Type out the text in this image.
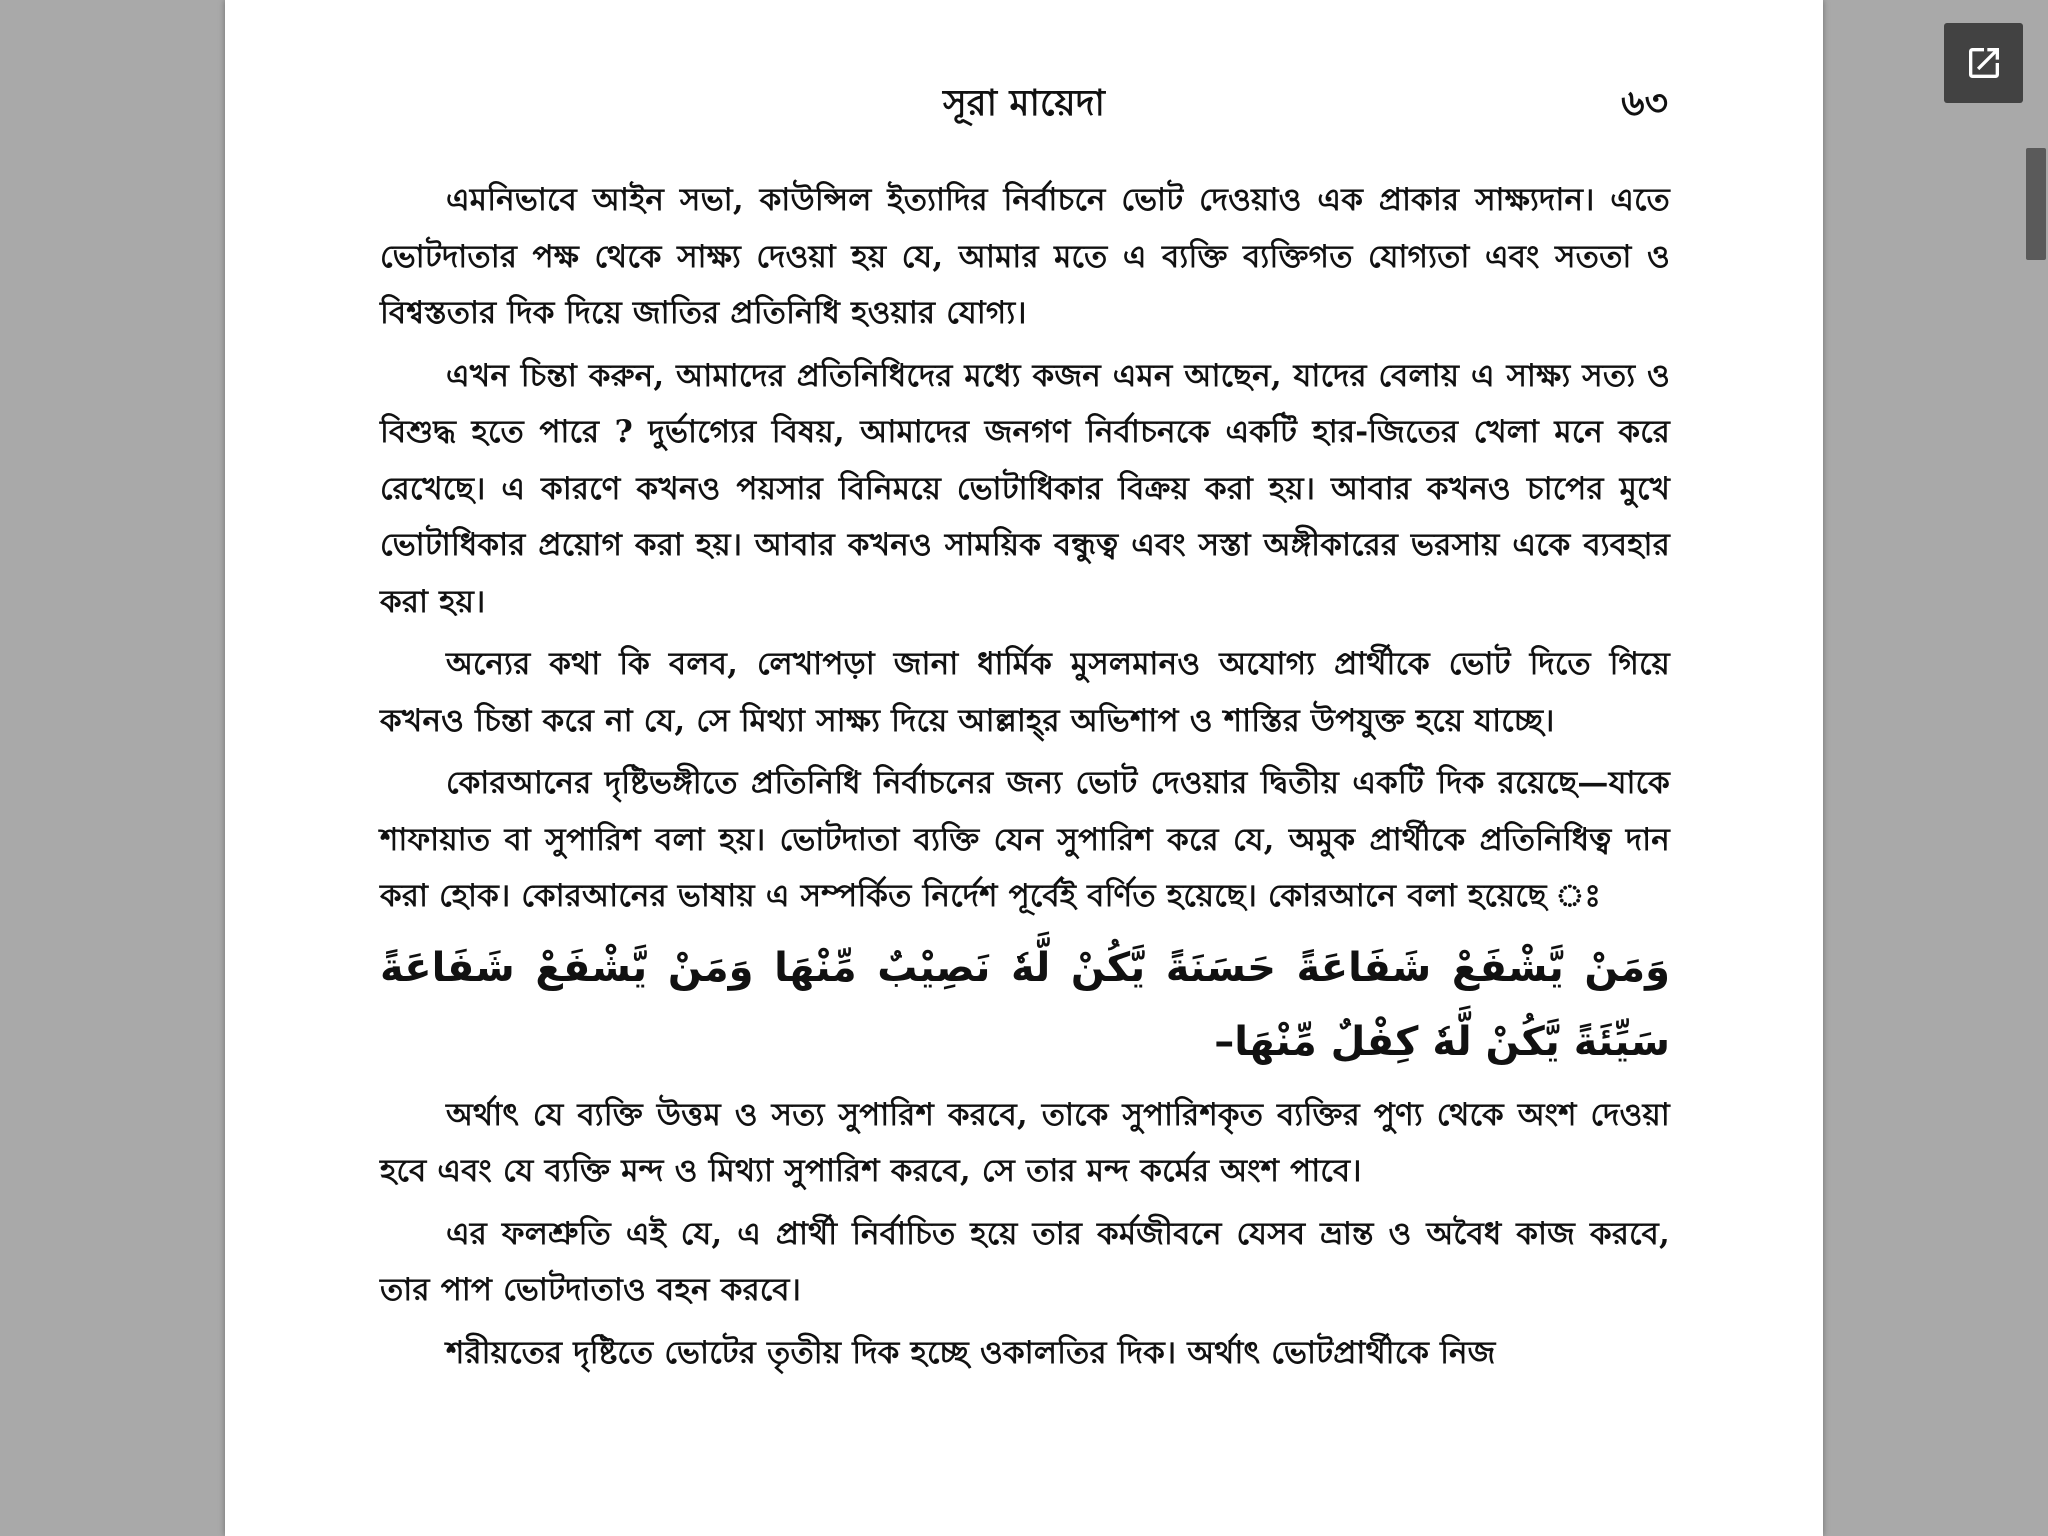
সূরা মায়েদা	৬৩

এমনিভাবে আইন সভা, কাউন্সিল ইত্যাদির নির্বাচনে ভোট দেওয়াও এক প্রাকার সাক্ষ্যদান। এতে ভোটদাতার পক্ষ থেকে সাক্ষ্য দেওয়া হয় যে, আমার মতে এ ব্যক্তি ব্যক্তিগত যোগ্যতা এবং সততা ও বিশ্বস্ততার দিক দিয়ে জাতির প্রতিনিধি হওয়ার যোগ্য।

এখন চিন্তা করুন, আমাদের প্রতিনিধিদের মধ্যে কজন এমন আছেন, যাদের বেলায় এ সাক্ষ্য সত্য ও বিশুদ্ধ হতে পারে ? দুর্ভাগ্যের বিষয়, আমাদের জনগণ নির্বাচনকে একটি হার-জিতের খেলা মনে করে রেখেছে। এ কারণে কখনও পয়সার বিনিময়ে ভোটাধিকার বিক্রয় করা হয়। আবার কখনও চাপের মুখে ভোটাধিকার প্রয়োগ করা হয়। আবার কখনও সাময়িক বন্ধুত্ব এবং সস্তা অঙ্গীকারের ভরসায় একে ব্যবহার করা হয়।

অন্যের কথা কি বলব, লেখাপড়া জানা ধার্মিক মুসলমানও অযোগ্য প্রার্থীকে ভোট দিতে গিয়ে কখনও চিন্তা করে না যে, সে মিথ্যা সাক্ষ্য দিয়ে আল্লাহ্‌র অভিশাপ ও শাস্তির উপযুক্ত হয়ে যাচ্ছে।

কোরআনের দৃষ্টিভঙ্গীতে প্রতিনিধি নির্বাচনের জন্য ভোট দেওয়ার দ্বিতীয় একটি দিক রয়েছে—যাকে শাফায়াত বা সুপারিশ বলা হয়। ভোটদাতা ব্যক্তি যেন সুপারিশ করে যে, অমুক প্রার্থীকে প্রতিনিধিত্ব দান করা হোক। কোরআনের ভাষায় এ সম্পর্কিত নির্দেশ পূর্বেই বর্ণিত হয়েছে। কোরআনে বলা হয়েছে ঃ

وَمَنْ يَّشْفَعْ شَفَاعَةً حَسَنَةً يَّكُنْ لَّهٗ نَصِيْبٌ مِّنْهَا وَمَنْ يَّشْفَعْ شَفَاعَةً سَيِّئَةً يَّكُنْ لَّهٗ كِفْلٌ مِّنْهَا–

অর্থাৎ যে ব্যক্তি উত্তম ও সত্য সুপারিশ করবে, তাকে সুপারিশকৃত ব্যক্তির পুণ্য থেকে অংশ দেওয়া হবে এবং যে ব্যক্তি মন্দ ও মিথ্যা সুপারিশ করবে, সে তার মন্দ কর্মের অংশ পাবে।

এর ফলশ্রুতি এই যে, এ প্রার্থী নির্বাচিত হয়ে তার কর্মজীবনে যেসব ভ্রান্ত ও অবৈধ কাজ করবে, তার পাপ ভোটদাতাও বহন করবে।

শরীয়তের দৃষ্টিতে ভোটের তৃতীয় দিক হচ্ছে ওকালতির দিক। অর্থাৎ ভোটপ্রার্থীকে নিজ
